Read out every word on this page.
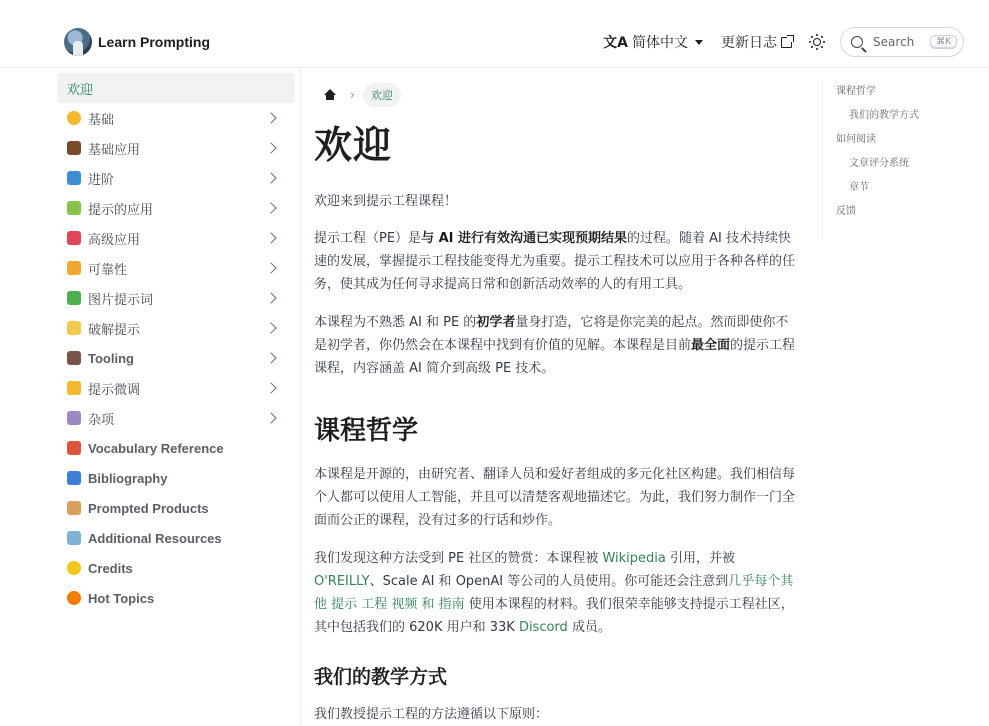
Learn Prompting	文A 简体中文 更新日志	Search	⌘K
欢迎
基础
基础应用
进阶
提示的应用
高级应用
可靠性
图片提示词
破解提示
Tooling
提示微调
杂项
Vocabulary Reference
Bibliography
Prompted Products
Additional Resources
Credits
Hot Topics
›	欢迎
欢迎

欢迎来到提示工程课程！

提示工程（PE）是与 AI 进行有效沟通已实现预期结果的过程。随着 AI 技术持续快速的发展，掌握提示工程技能变得尤为重要。提示工程技术可以应用于各种各样的任务，使其成为任何寻求提高日常和创新活动效率的人的有用工具。

本课程为不熟悉 AI 和 PE 的初学者量身打造，它将是你完美的起点。然而即使你不是初学者，你仍然会在本课程中找到有价值的见解。本课程是目前最全面的提示工程课程，内容涵盖 AI 简介到高级 PE 技术。

课程哲学

本课程是开源的，由研究者、翻译人员和爱好者组成的多元化社区构建。我们相信每个人都可以使用人工智能，并且可以清楚客观地描述它。为此，我们努力制作一门全面而公正的课程，没有过多的行话和炒作。

我们发现这种方法受到 PE 社区的赞赏：本课程被 Wikipedia 引用，并被 O'REILLY、Scale AI 和 OpenAI 等公司的人员使用。你可能还会注意到几乎每个其他 提示 工程 视频 和 指南 使用本课程的材料。我们很荣幸能够支持提示工程社区，其中包括我们的 620K 用户和 33K Discord 成员。

我们的教学方式

我们教授提示工程的方法遵循以下原则：

课程哲学
我们的教学方式
如何阅读
文章评分系统
章节
反馈
